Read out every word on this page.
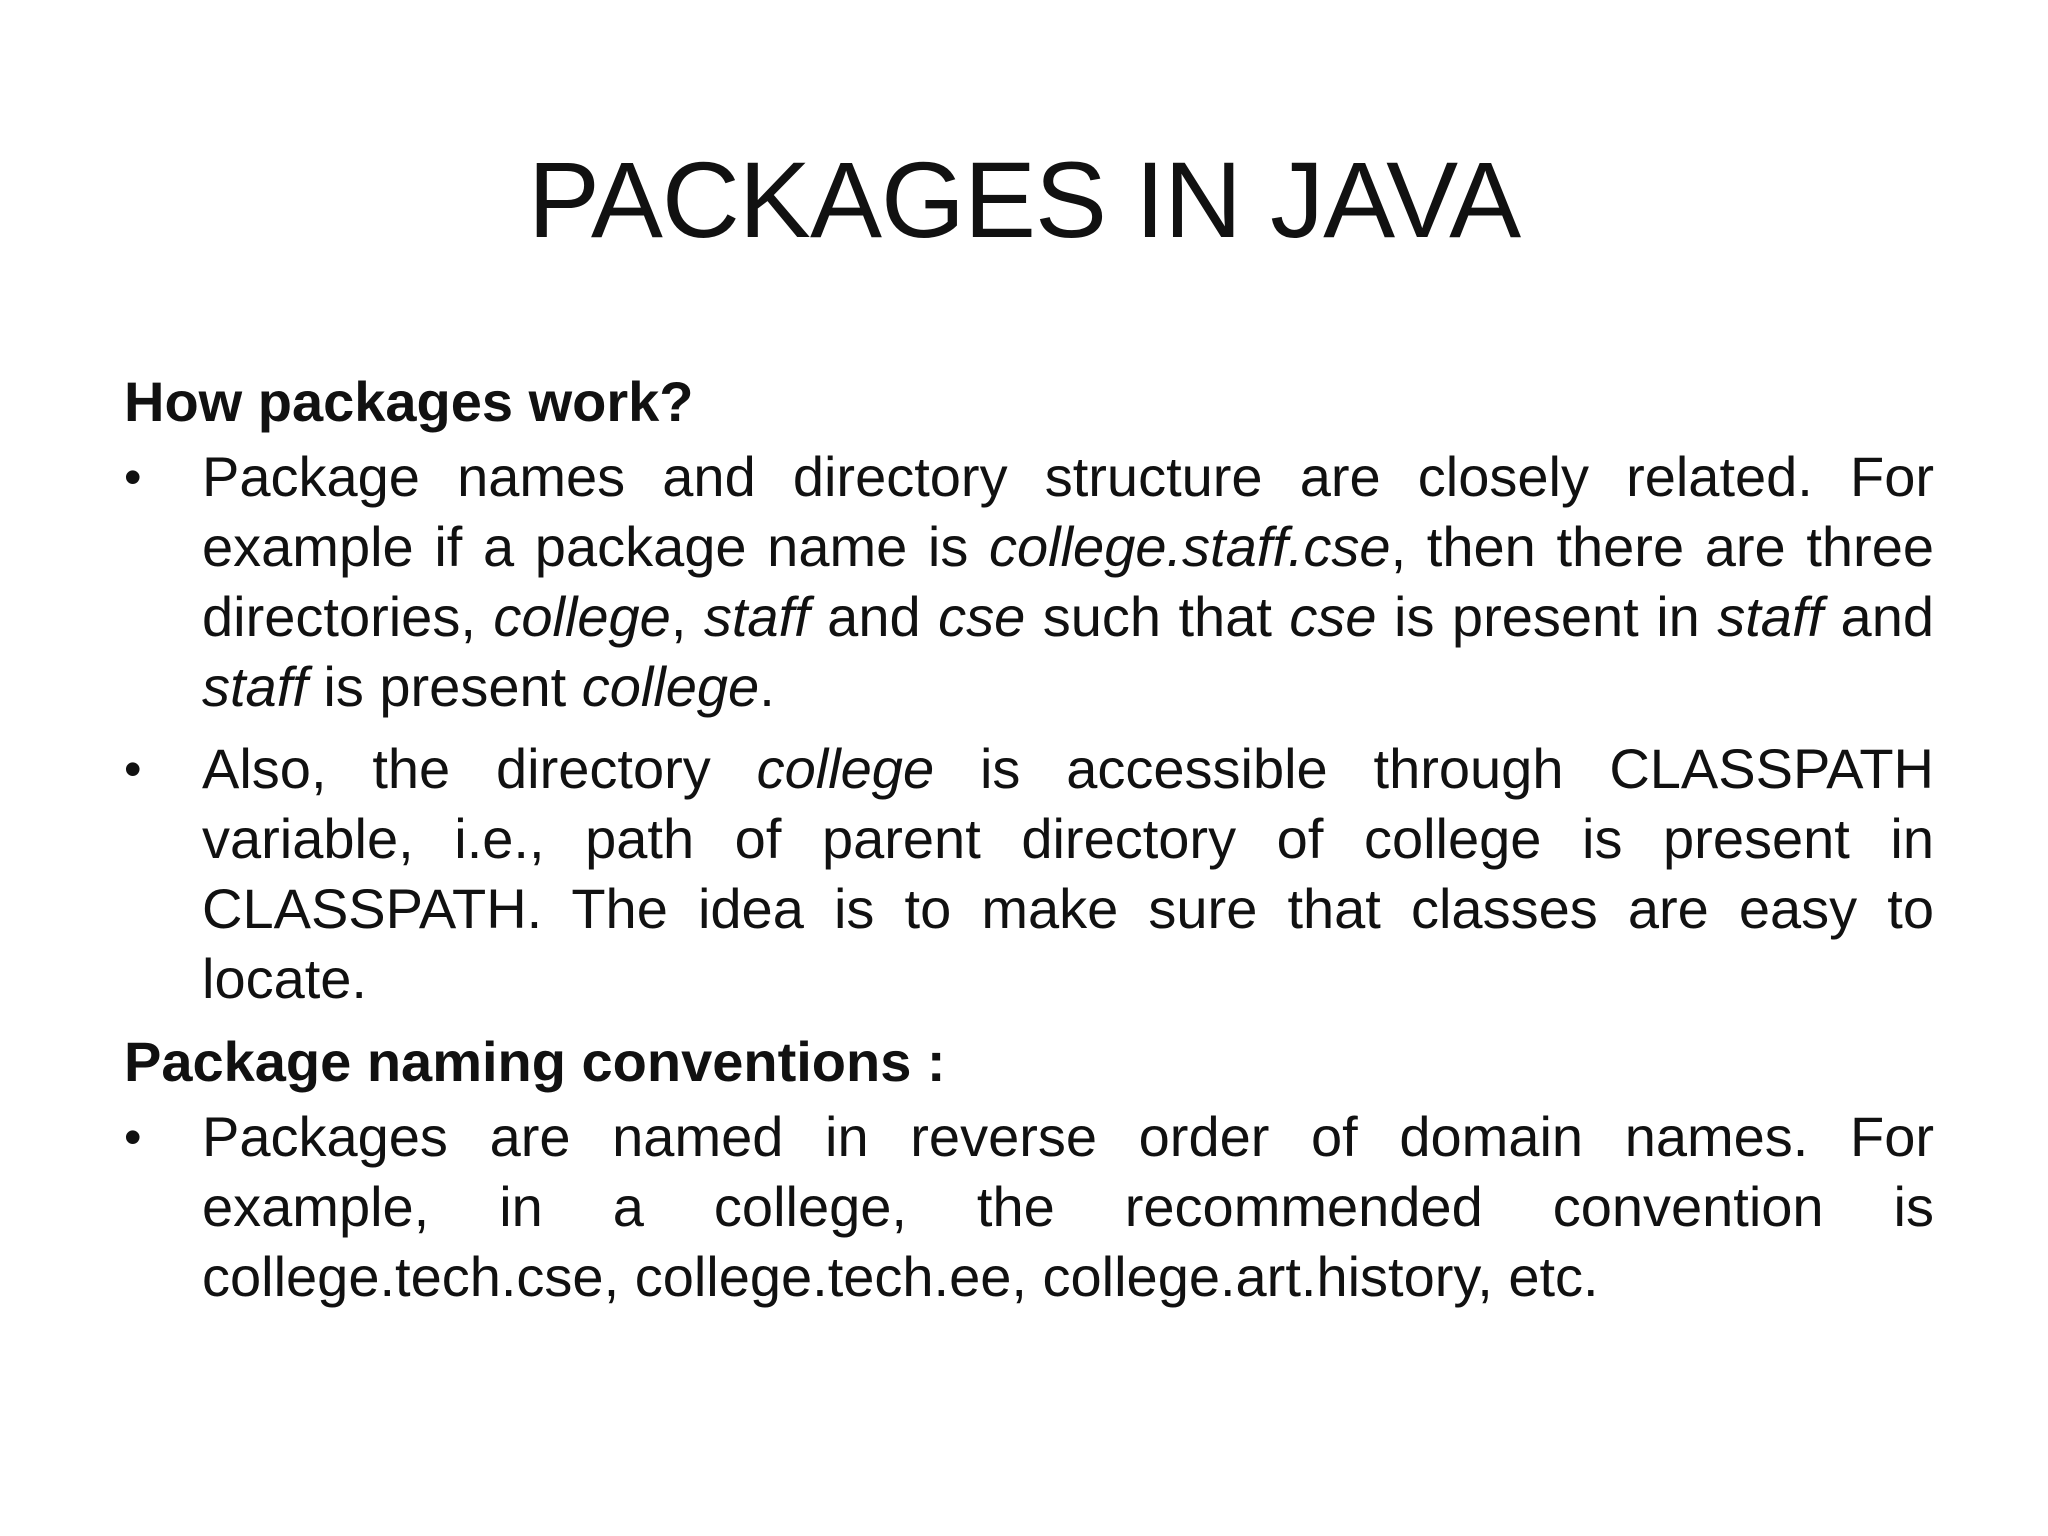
PACKAGES IN JAVA

How packages work?

•	Package names and directory structure are closely related. For example if a package name is college.staff.cse, then there are three directories, college, staff and cse such that cse is present in staff and staff is present college.
•	Also, the directory college is accessible through CLASSPATH variable, i.e., path of parent directory of college is present in CLASSPATH. The idea is to make sure that classes are easy to locate.

Package naming conventions :

•	Packages are named in reverse order of domain names. For example, in a college, the recommended convention is college.tech.cse, college.tech.ee, college.art.history, etc.
